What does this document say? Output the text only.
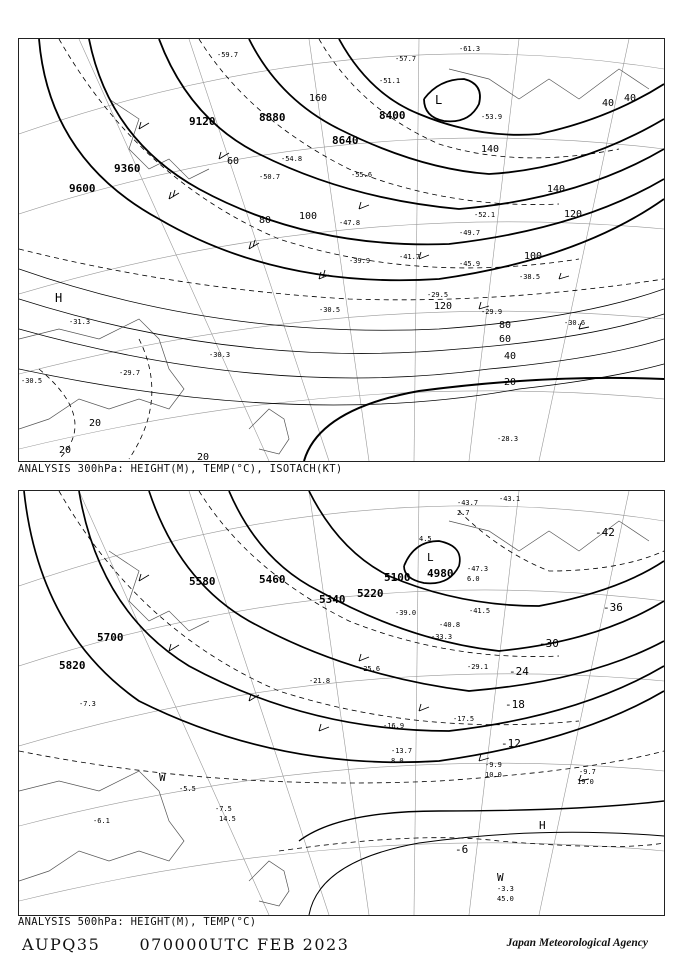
9600
9360
9120	8880
8640
8400
20
20
20
40
40
60
80
100
120
140
60
80	100
120
140
160	40
20
-31.3
-30.3
-29.7
-30.5
-30.6
-28.3
-38.5
-29.5
-29.9
-30.5
-45.9
-47.8
-50.7
-52.1
-54.8
-57.7
-59.7
-61.3
-55.6
-53.9
-51.1
-49.7
-41.7
-39.9
H
L
ANALYSIS 300hPa: HEIGHT(M), TEMP(°C), ISOTACH(KT)
5820
5700
5580	5460
5340 5220
5100 4980
-42
-36
-30
-24
-18
-12
-6
-43.7	-43.1
-47.3
-41.5
-40.8
-39.0
-33.3
-29.1
-25.6
-21.8
-17.5
-16.9
-13.7
-9.9
-9.7
-7.5
-6.1
-3.3
-5.5
-7.3
19.0
45.0
14.5
10.0
8.0
6.0
2.7
4.5
L
H
W
W
ANALYSIS 500hPa: HEIGHT(M), TEMP(°C)
AUPQ35 070000UTC FEB 2023	Japan Meteorological Agency
